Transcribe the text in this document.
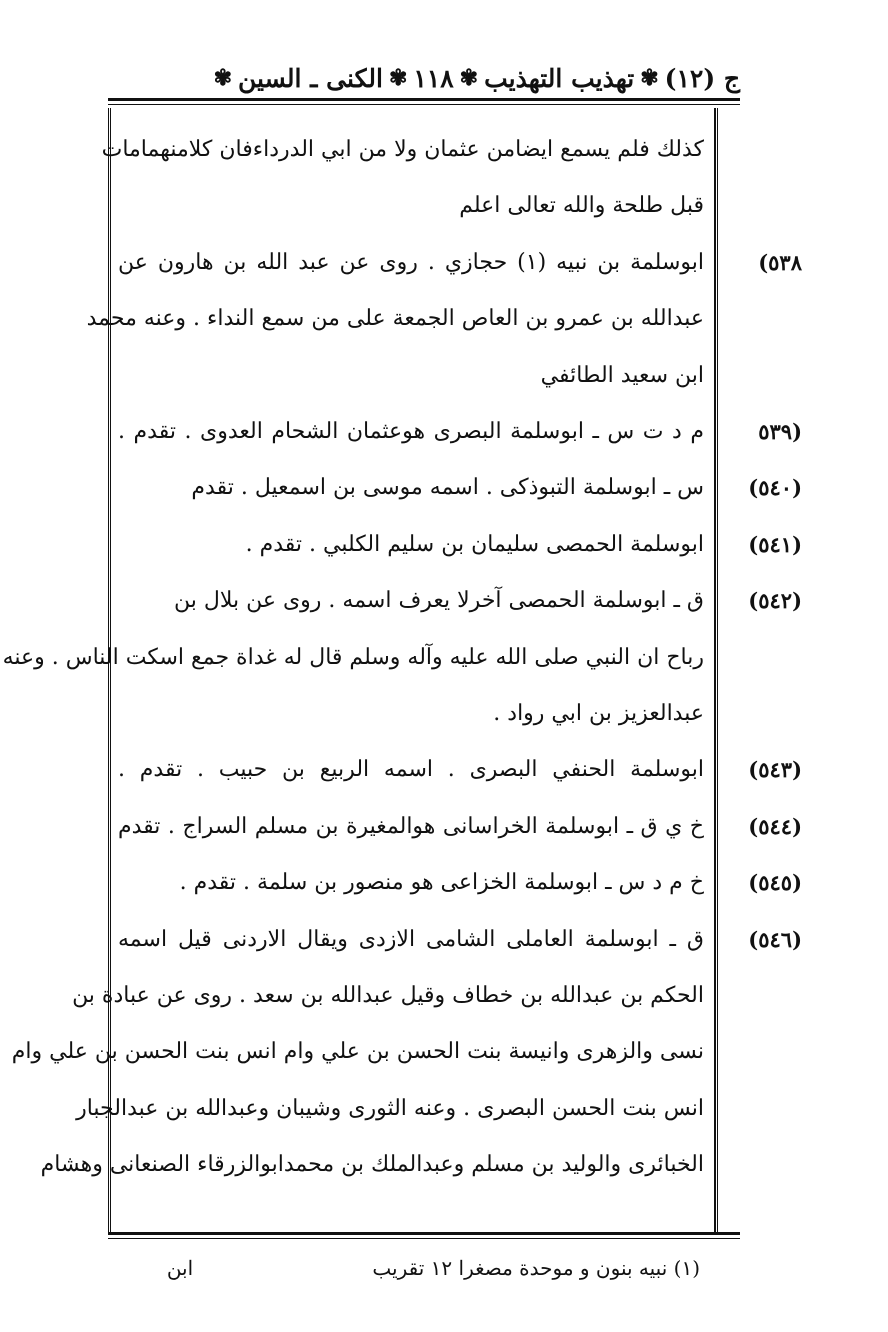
ج (۱۲)
✾
تهذيب التهذيب
✾
۱۱۸
✾
الكنى ـ السين
✾
كذلك فلم يسمع ايضامن عثمان ولا من ابي الدرداءفان كلامنهمامات
قبل طلحة والله تعالى اعلم
٥٣٨)
ابوسلمة بن نبيه (١) حجازي . روى عن عبد الله بن هارون عن
عبدالله بن عمرو بن العاص الجمعة على من سمع النداء . وعنه محمد
ابن سعيد الطائفي
(٥٣٩
م د ت س ـ ابوسلمة البصرى هوعثمان الشحام العدوى . تقدم .
(٥٤٠)
س ـ ابوسلمة التبوذكى . اسمه موسى بن اسمعيل . تقدم
(٥٤١)
ابوسلمة الحمصى سليمان بن سليم الكلبي . تقدم .
(٥٤٢)
ق ـ ابوسلمة الحمصى آخرلا يعرف اسمه . روى عن بلال بن
رباح ان النبي صلى الله عليه وآله وسلم قال له غداة جمع اسكت الناس . وعنه
عبدالعزيز بن ابي رواد .
(٥٤٣)
ابوسلمة الحنفي البصرى . اسمه الربيع بن حبيب . تقدم .
(٥٤٤)
خ ي ق ـ ابوسلمة الخراسانى هوالمغيرة بن مسلم السراج . تقدم
(٥٤٥)
خ م د س ـ ابوسلمة الخزاعى هو منصور بن سلمة . تقدم .
(٥٤٦)
ق ـ ابوسلمة العاملى الشامى الازدى ويقال الاردنى قيل اسمه
الحكم بن عبدالله بن خطاف وقيل عبدالله بن سعد . روى عن عبادة بن
نسى والزهرى وانيسة بنت الحسن بن علي وام انس بنت الحسن بن علي وام
انس بنت الحسن البصرى . وعنه الثورى وشيبان وعبدالله بن عبدالجبار
الخبائرى والوليد بن مسلم وعبدالملك بن محمدابوالزرقاء الصنعانى وهشام
(١) نبيه بنون و موحدة مصغرا ١٢ تقريب
ابن
